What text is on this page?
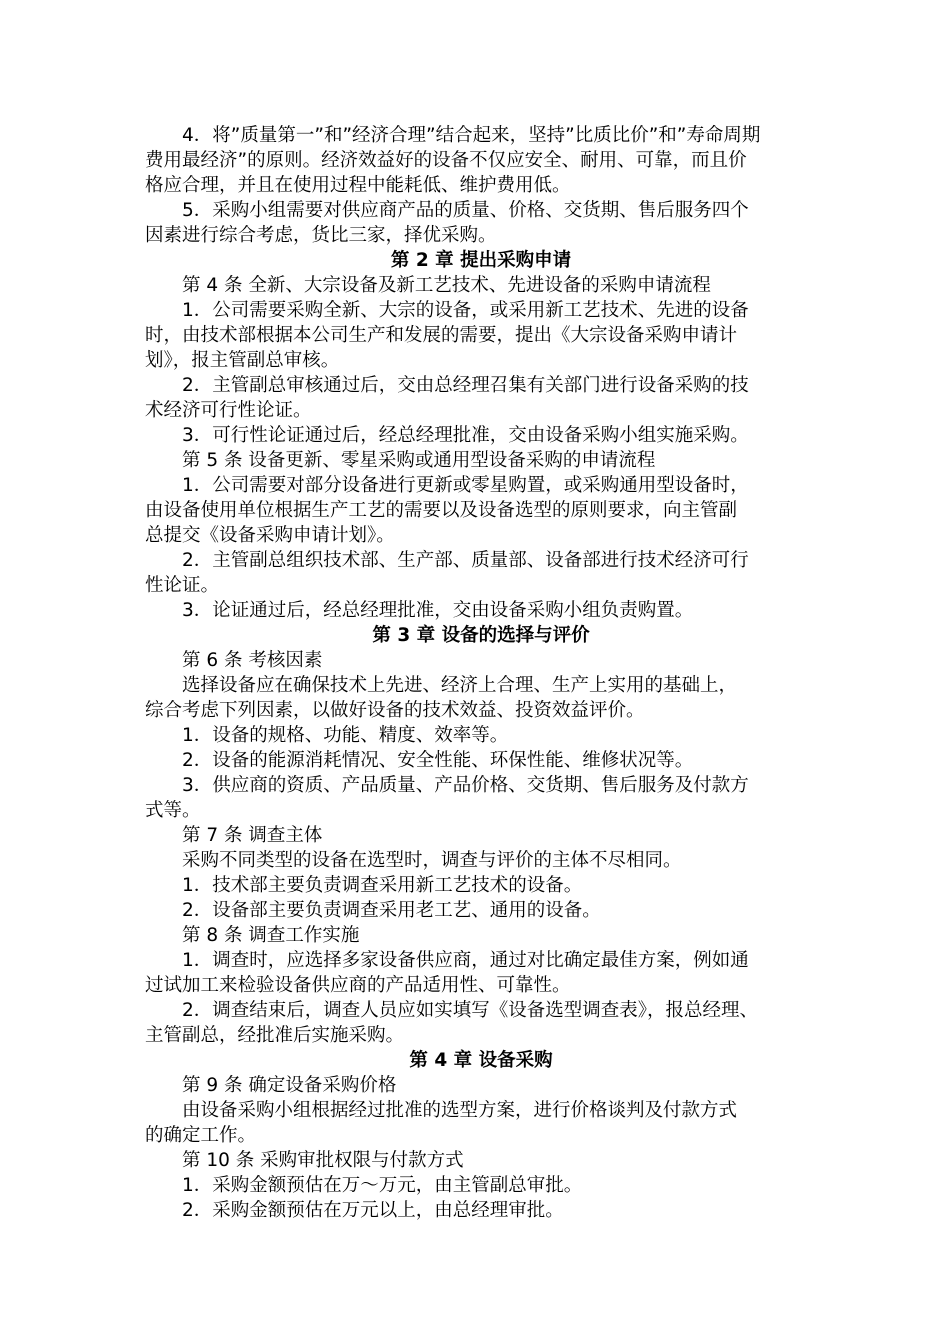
4．将”质量第一”和”经济合理”结合起来，坚持”比质比价”和”寿命周期
费用最经济”的原则。经济效益好的设备不仅应安全、耐用、可靠，而且价
格应合理，并且在使用过程中能耗低、维护费用低。
5．采购小组需要对供应商产品的质量、价格、交货期、售后服务四个
因素进行综合考虑，货比三家，择优采购。
第 2 章 提出采购申请
第 4 条 全新、大宗设备及新工艺技术、先进设备的采购申请流程
1．公司需要采购全新、大宗的设备，或采用新工艺技术、先进的设备
时，由技术部根据本公司生产和发展的需要，提出《大宗设备采购申请计
划》，报主管副总审核。
2．主管副总审核通过后，交由总经理召集有关部门进行设备采购的技
术经济可行性论证。
3．可行性论证通过后，经总经理批准，交由设备采购小组实施采购。
第 5 条 设备更新、零星采购或通用型设备采购的申请流程
1．公司需要对部分设备进行更新或零星购置，或采购通用型设备时，
由设备使用单位根据生产工艺的需要以及设备选型的原则要求，向主管副
总提交《设备采购申请计划》。
2．主管副总组织技术部、生产部、质量部、设备部进行技术经济可行
性论证。
3．论证通过后，经总经理批准，交由设备采购小组负责购置。
第 3 章 设备的选择与评价
第 6 条 考核因素
选择设备应在确保技术上先进、经济上合理、生产上实用的基础上，
综合考虑下列因素，以做好设备的技术效益、投资效益评价。
1．设备的规格、功能、精度、效率等。
2．设备的能源消耗情况、安全性能、环保性能、维修状况等。
3．供应商的资质、产品质量、产品价格、交货期、售后服务及付款方
式等。
第 7 条 调查主体
采购不同类型的设备在选型时，调查与评价的主体不尽相同。
1．技术部主要负责调查采用新工艺技术的设备。
2．设备部主要负责调查采用老工艺、通用的设备。
第 8 条 调查工作实施
1．调查时，应选择多家设备供应商，通过对比确定最佳方案，例如通
过试加工来检验设备供应商的产品适用性、可靠性。
2．调查结束后，调查人员应如实填写《设备选型调查表》，报总经理、
主管副总，经批准后实施采购。
第 4 章 设备采购
第 9 条 确定设备采购价格
由设备采购小组根据经过批准的选型方案，进行价格谈判及付款方式
的确定工作。
第 10 条 采购审批权限与付款方式
1．采购金额预估在万～万元，由主管副总审批。
2．采购金额预估在万元以上，由总经理审批。
